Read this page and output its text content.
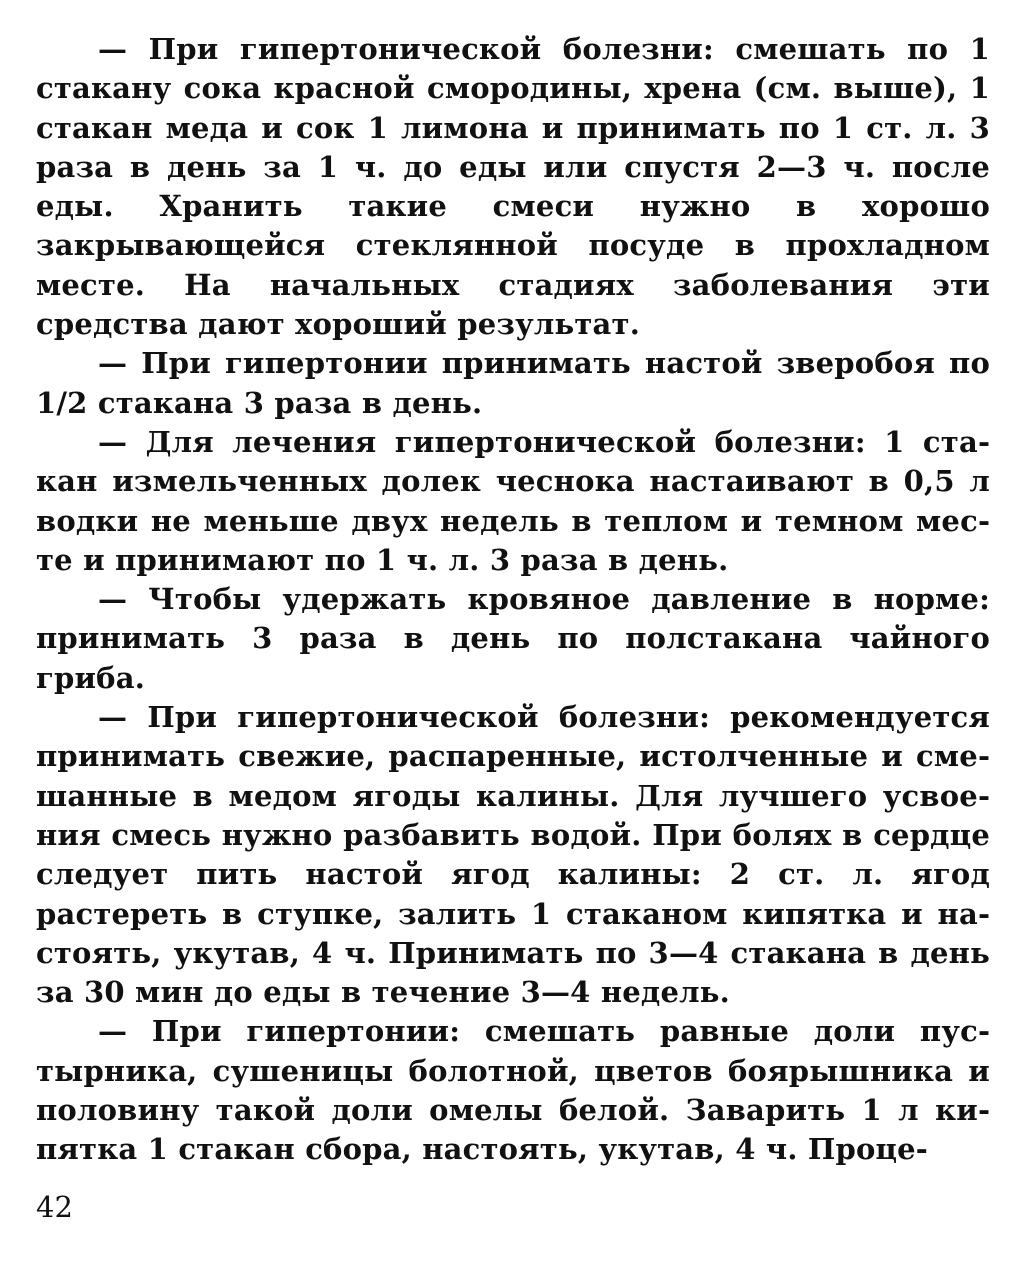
— При гипертонической болезни: смешать по 1 стакану сока красной смородины, хрена (см. выше), 1 стакан меда и сок 1 лимона и принимать по 1 ст. л. 3 раза в день за 1 ч. до еды или спустя 2—3 ч. после еды. Хранить такие смеси нужно в хорошо закрывающейся стеклянной посуде в прохладном месте. На начальных стадиях заболевания эти средства дают хороший результат.

— При гипертонии принимать настой зверобоя по 1/2 стакана 3 раза в день.

— Для лечения гипертонической болезни: 1 стакан измельченных долек чеснока настаивают в 0,5 л водки не меньше двух недель в теплом и темном месте и принимают по 1 ч. л. 3 раза в день.

— Чтобы удержать кровяное давление в норме: принимать 3 раза в день по полстакана чайного гриба.

— При гипертонической болезни: рекомендуется принимать свежие, распаренные, истолченные и смешанные в медом ягоды калины. Для лучшего усвоения смесь нужно разбавить водой. При болях в сердце следует пить настой ягод калины: 2 ст. л. ягод растереть в ступке, залить 1 стаканом кипятка и настоять, укутав, 4 ч. Принимать по 3—4 стакана в день за 30 мин до еды в течение 3—4 недель.

— При гипертонии: смешать равные доли пустырника, сушеницы болотной, цветов боярышника и половину такой доли омелы белой. Заварить 1 л кипятка 1 стакан сбора, настоять, укутав, 4 ч. Проце-

42
